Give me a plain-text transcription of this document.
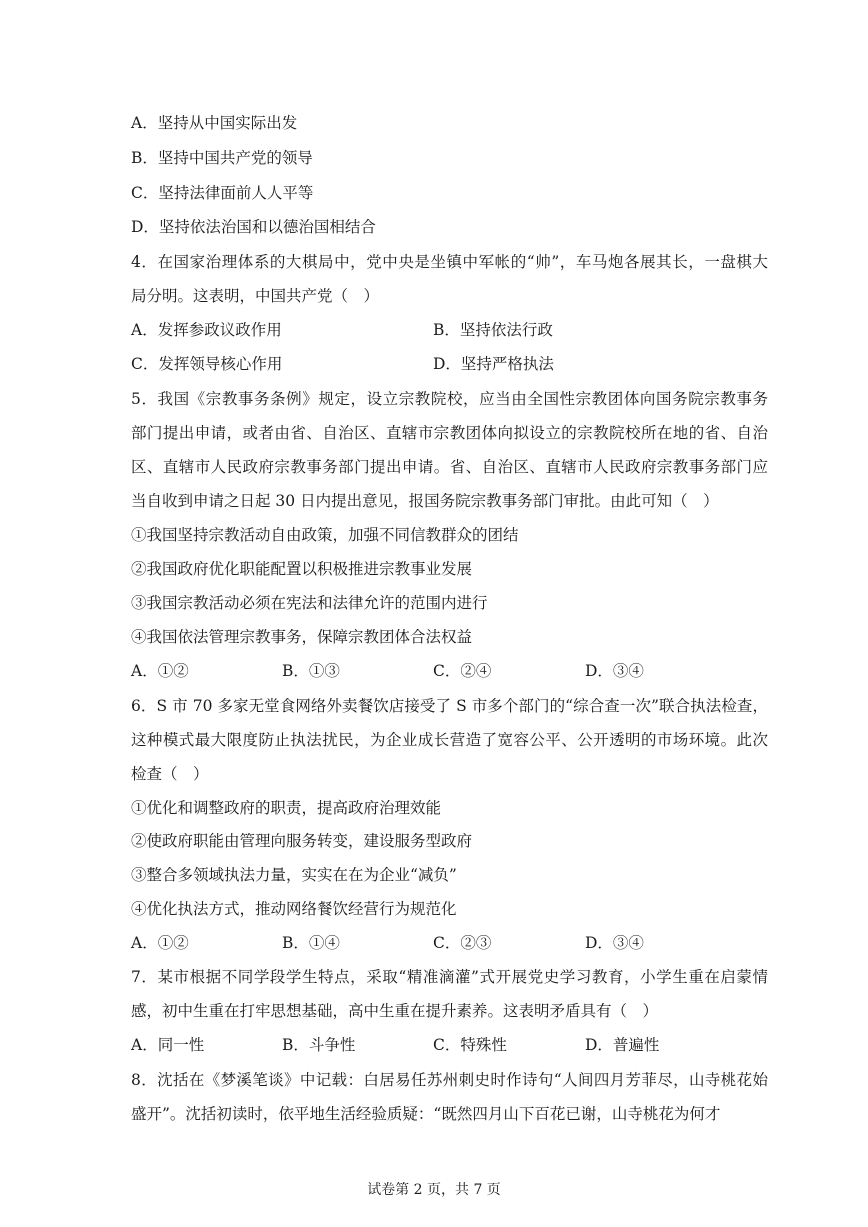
A．坚持从中国实际出发
B．坚持中国共产党的领导
C．坚持法律面前人人平等
D．坚持依法治国和以德治国相结合
4．在国家治理体系的大棋局中，党中央是坐镇中军帐的“帅”，车马炮各展其长，一盘棋大
局分明。这表明，中国共产党（　）
A．发挥参政议政作用	B．坚持依法行政
C．发挥领导核心作用	D．坚持严格执法
5．我国《宗教事务条例》规定，设立宗教院校，应当由全国性宗教团体向国务院宗教事务
部门提出申请，或者由省、自治区、直辖市宗教团体向拟设立的宗教院校所在地的省、自治
区、直辖市人民政府宗教事务部门提出申请。省、自治区、直辖市人民政府宗教事务部门应
当自收到申请之日起 30 日内提出意见，报国务院宗教事务部门审批。由此可知（　）
①我国坚持宗教活动自由政策，加强不同信教群众的团结
②我国政府优化职能配置以积极推进宗教事业发展
③我国宗教活动必须在宪法和法律允许的范围内进行
④我国依法管理宗教事务，保障宗教团体合法权益
A．①②	B．①③	C．②④	D．③④
6．S 市 70 多家无堂食网络外卖餐饮店接受了 S 市多个部门的“综合查一次”联合执法检查，
这种模式最大限度防止执法扰民，为企业成长营造了宽容公平、公开透明的市场环境。此次
检查（　）
①优化和调整政府的职责，提高政府治理效能
②使政府职能由管理向服务转变，建设服务型政府
③整合多领域执法力量，实实在在为企业“减负”
④优化执法方式，推动网络餐饮经营行为规范化
A．①②	B．①④	C．②③	D．③④
7．某市根据不同学段学生特点，采取“精准滴灌”式开展党史学习教育，小学生重在启蒙情
感，初中生重在打牢思想基础，高中生重在提升素养。这表明矛盾具有（　）
A．同一性	B．斗争性	C．特殊性	D．普遍性
8．沈括在《梦溪笔谈》中记载：白居易任苏州刺史时作诗句“人间四月芳菲尽，山寺桃花始
盛开”。沈括初读时，依平地生活经验质疑：“既然四月山下百花已谢，山寺桃花为何才
试卷第 2 页，共 7 页
